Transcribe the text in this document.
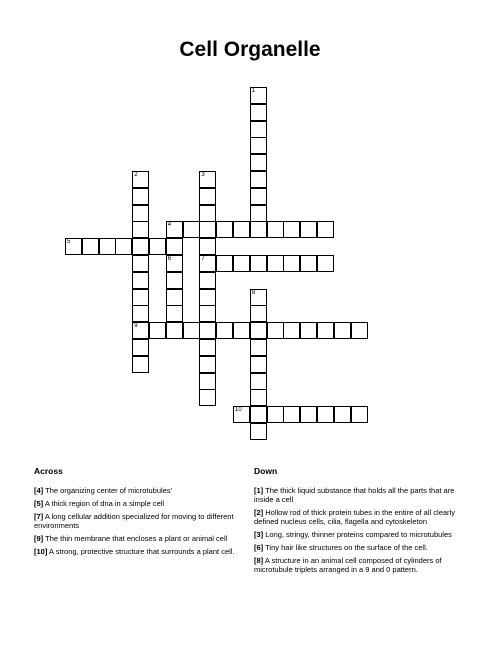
Cell Organelle
1
2
9
3
7
4
5
6
8
10
Across	Down
[4] The organizing center of microtubules'
[5] A thick region of dna in a simple cell
[7] A long cellular addition specialized for moving to different environments
[9] The thin membrane that encloses a plant or animal cell
[10] A strong, protective structure that surrounds a plant cell.
[1] The thick liquid substance that holds all the parts that are inside a cell
[2] Hollow rod of thick protein tubes in the entire of all clearly defined nucleus cells, cilia, flagella and cytoskeleton
[3] Long, stringy, thinner proteins compared to microtubules
[6] Tiny hair like structures on the surface of the cell.
[8] A structure in an animal cell composed of cylinders of microtubule triplets arranged in a 9 and 0 pattern.
